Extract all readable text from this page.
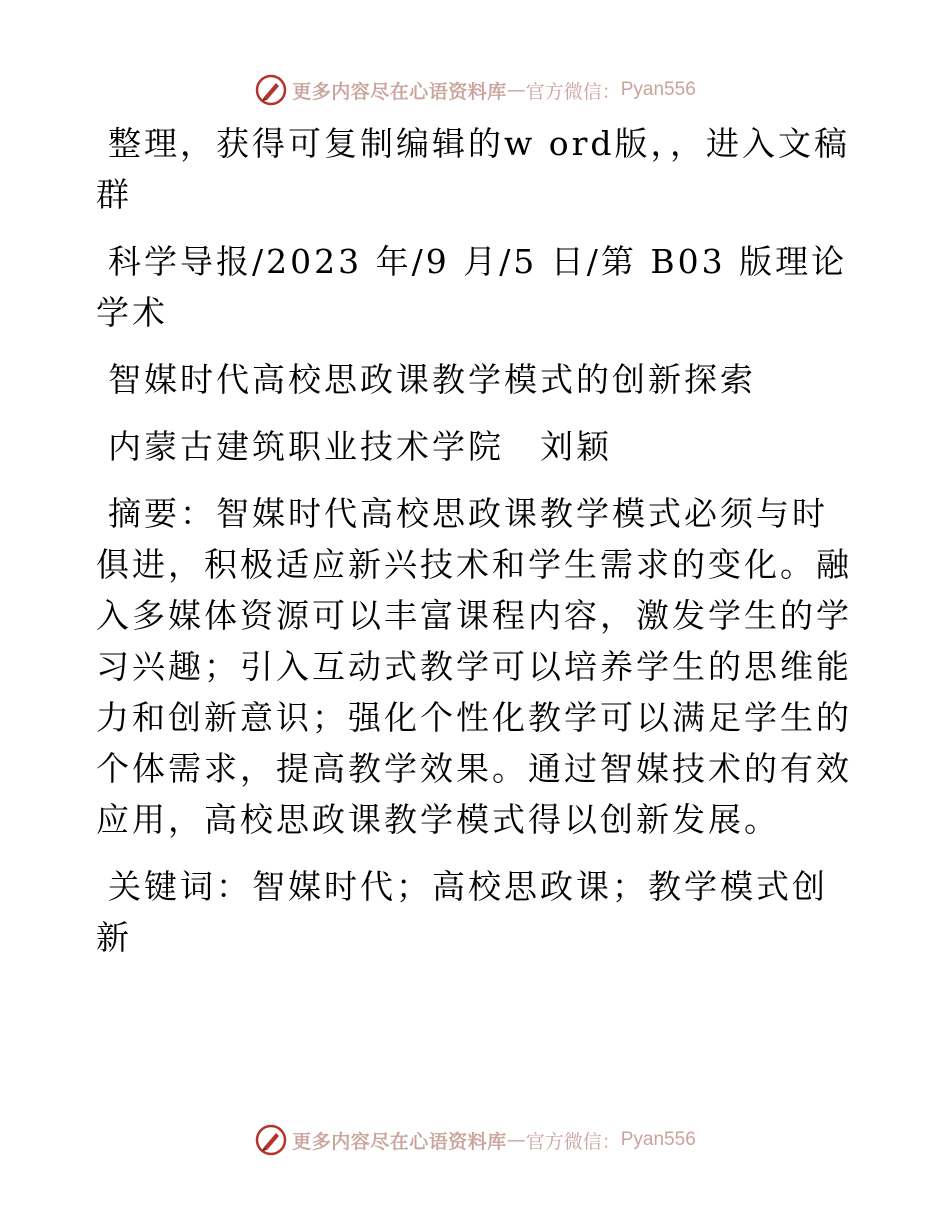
更多内容尽在心语资料库 — 官方微信： Pyan556

整理，获得可复制编辑的w ord版，，进入文稿群

科学导报/2023 年/9 月/5 日/第 B03 版理论学术

智媒时代高校思政课教学模式的创新探索

内蒙古建筑职业技术学院　刘颖

摘要：智媒时代高校思政课教学模式必须与时俱进，积极适应新兴技术和学生需求的变化。融入多媒体资源可以丰富课程内容，激发学生的学习兴趣；引入互动式教学可以培养学生的思维能力和创新意识；强化个性化教学可以满足学生的个体需求，提高教学效果。通过智媒技术的有效应用，高校思政课教学模式得以创新发展。

关键词：智媒时代；高校思政课；教学模式创新

更多内容尽在心语资料库 — 官方微信： Pyan556
